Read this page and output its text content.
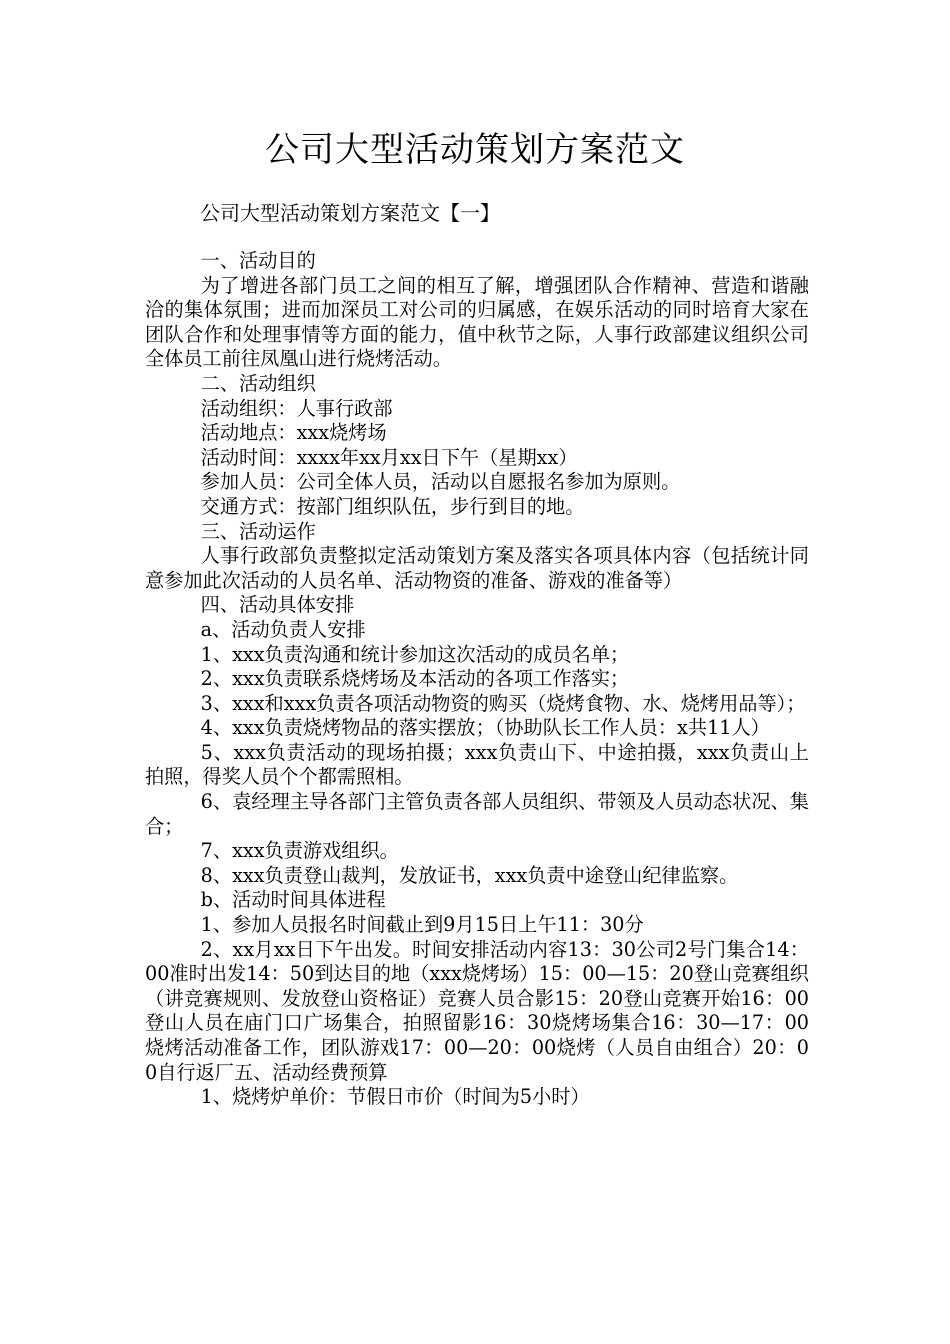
公司大型活动策划方案范文

公司大型活动策划方案范文【一】

一、活动目的

为了增进各部门员工之间的相互了解，增强团队合作精神、营造和谐融洽的集体氛围；进而加深员工对公司的归属感，在娱乐活动的同时培育大家在团队合作和处理事情等方面的能力，值中秋节之际，人事行政部建议组织公司全体员工前往凤凰山进行烧烤活动。

二、活动组织

活动组织：人事行政部

活动地点：xxx烧烤场

活动时间：xxxx年xx月xx日下午（星期xx）

参加人员：公司全体人员，活动以自愿报名参加为原则。

交通方式：按部门组织队伍，步行到目的地。

三、活动运作

人事行政部负责整拟定活动策划方案及落实各项具体内容（包括统计同意参加此次活动的人员名单、活动物资的准备、游戏的准备等）

四、活动具体安排

a、活动负责人安排

1、xxx负责沟通和统计参加这次活动的成员名单；

2、xxx负责联系烧烤场及本活动的各项工作落实；

3、xxx和xxx负责各项活动物资的购买（烧烤食物、水、烧烤用品等）；

4、xxx负责烧烤物品的落实摆放；（协助队长工作人员：x共11人）

5、xxx负责活动的现场拍摄；xxx负责山下、中途拍摄，xxx负责山上拍照，得奖人员个个都需照相。

6、袁经理主导各部门主管负责各部人员组织、带领及人员动态状况、集合；

7、xxx负责游戏组织。

8、xxx负责登山裁判，发放证书，xxx负责中途登山纪律监察。

b、活动时间具体进程

1、参加人员报名时间截止到9月15日上午11：30分

2、xx月xx日下午出发。时间安排活动内容13：30公司2号门集合14：00准时出发14：50到达目的地（xxx烧烤场）15：00—15：20登山竞赛组织（讲竞赛规则、发放登山资格证）竞赛人员合影15：20登山竞赛开始16：00登山人员在庙门口广场集合，拍照留影16：30烧烤场集合16：30—17：00烧烤活动准备工作，团队游戏17：00—20：00烧烤（人员自由组合）20：00自行返厂五、活动经费预算

1、烧烤炉单价：节假日市价（时间为5小时）
